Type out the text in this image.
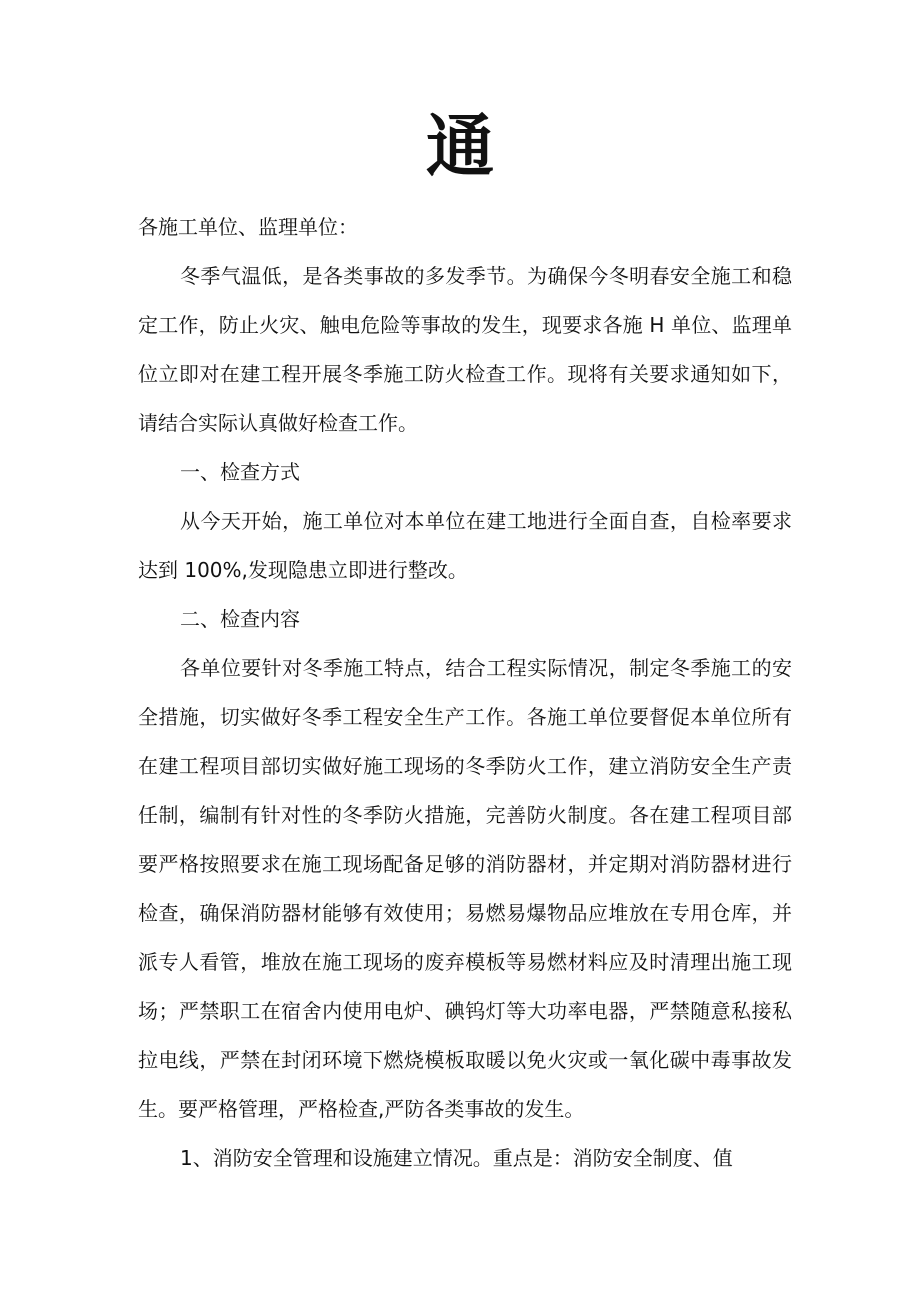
通
各施工单位、监理单位：
冬季气温低，是各类事故的多发季节。为确保今冬明春安全施工和稳
定工作，防止火灾、触电危险等事故的发生，现要求各施 H 单位、监理单
位立即对在建工程开展冬季施工防火检查工作。现将有关要求通知如下，
请结合实际认真做好检查工作。
一、检查方式
从今天开始，施工单位对本单位在建工地进行全面自查，自检率要求
达到 100%,发现隐患立即进行整改。
二、检查内容
各单位要针对冬季施工特点，结合工程实际情况，制定冬季施工的安
全措施，切实做好冬季工程安全生产工作。各施工单位要督促本单位所有
在建工程项目部切实做好施工现场的冬季防火工作，建立消防安全生产责
任制，编制有针对性的冬季防火措施，完善防火制度。各在建工程项目部
要严格按照要求在施工现场配备足够的消防器材，并定期对消防器材进行
检查，确保消防器材能够有效使用；易燃易爆物品应堆放在专用仓库，并
派专人看管，堆放在施工现场的废弃模板等易燃材料应及时清理出施工现
场；严禁职工在宿舍内使用电炉、碘钨灯等大功率电器，严禁随意私接私
拉电线，严禁在封闭环境下燃烧模板取暖以免火灾或一氧化碳中毒事故发
生。要严格管理，严格检查,严防各类事故的发生。
1、消防安全管理和设施建立情况。重点是：消防安全制度、值
